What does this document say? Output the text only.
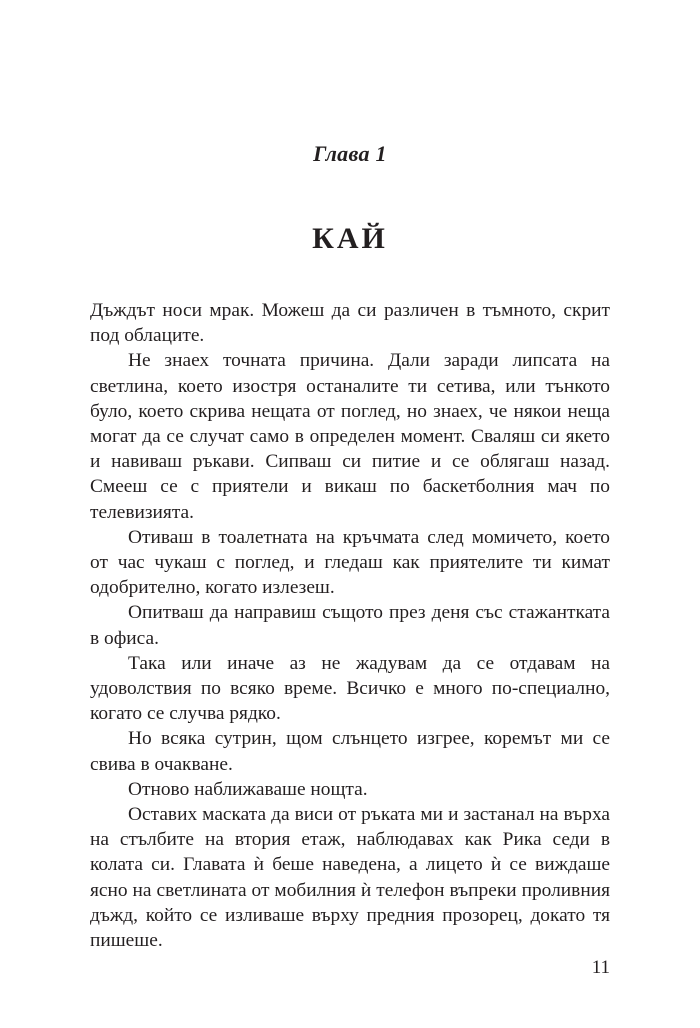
Глава 1
КАЙ

Дъждът носи мрак. Можеш да си различен в тъмното, скрит под облаците.

Не знаех точната причина. Дали заради липсата на светлина, което изостря останалите ти сетива, или тънкото було, което скрива нещата от поглед, но знаех, че някои неща могат да се случат само в определен момент. Сваляш си якето и навиваш ръкави. Сипваш си питие и се облягаш назад. Смееш се с приятели и викаш по баскетболния мач по телевизията.

Отиваш в тоалетната на кръчмата след момичето, което от час чукаш с поглед, и гледаш как приятелите ти кимат одобрително, когато излезеш.

Опитваш да направиш същото през деня със стажантката в офиса.

Така или иначе аз не жадувам да се отдавам на удоволствия по всяко време. Всичко е много по-специално, когато се случва рядко.

Но всяка сутрин, щом слънцето изгрее, коремът ми се свива в очакване.

Отново наближаваше нощта.

Оставих маската да виси от ръката ми и застанал на върха на стълбите на втория етаж, наблюдавах как Рика седи в колата си. Главата ѝ беше наведена, а лицето ѝ се виждаше ясно на светлината от мобилния ѝ телефон въпреки проливния дъжд, който се изливаше върху предния прозорец, докато тя пишеше.

11
